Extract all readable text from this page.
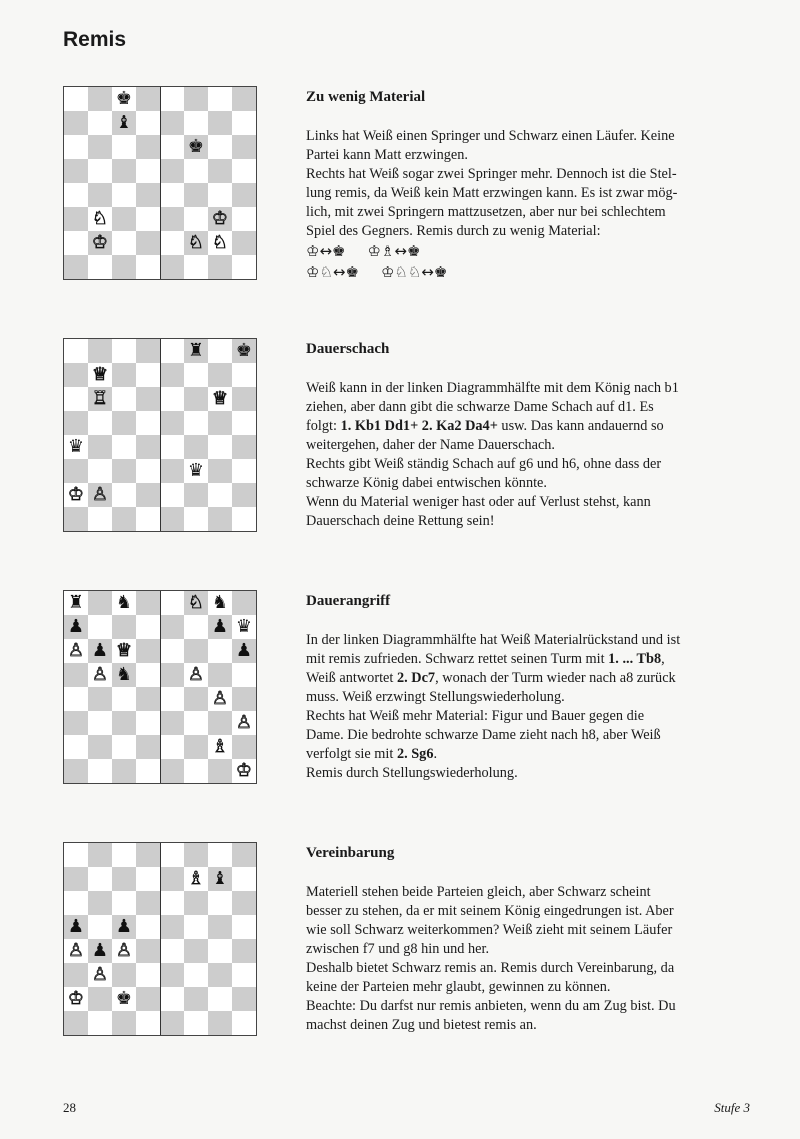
Remis
♚
♝
♚
♘	♔
♔	♘ ♘
♜ ♚
♕
♖	♕
♛
♛
♔ ♙
♜ ♞	♘ ♞
♟	♟ ♛
♙ ♟ ♕	♟
♙ ♞	♙
♙
♙
♗
♔
♗ ♝
♟ ♟
♙ ♟ ♙
♙
♔ ♚

Zu wenig Material

Links hat Weiß einen Springer und Schwarz einen Läufer. Keine
Partei kann Matt erzwingen.
Rechts hat Weiß sogar zwei Springer mehr. Dennoch ist die Stel-
lung remis, da Weiß kein Matt erzwingen kann. Es ist zwar mög-
lich, mit zwei Springern mattzusetzen, aber nur bei schlechtem
Spiel des Gegners. Remis durch zu wenig Material:

♔↔♚ ♔♗↔♚
♔♘↔♚ ♔♘♘↔♚

Dauerschach

Weiß kann in der linken Diagrammhälfte mit dem König nach b1
ziehen, aber dann gibt die schwarze Dame Schach auf d1. Es
folgt: 1. Kb1 Dd1+ 2. Ka2 Da4+ usw. Das kann andauernd so
weitergehen, daher der Name Dauerschach.
Rechts gibt Weiß ständig Schach auf g6 und h6, ohne dass der
schwarze König dabei entwischen könnte.
Wenn du Material weniger hast oder auf Verlust stehst, kann
Dauerschach deine Rettung sein!

Dauerangriff

In der linken Diagrammhälfte hat Weiß Materialrückstand und ist
mit remis zufrieden. Schwarz rettet seinen Turm mit 1. ... Tb8,
Weiß antwortet 2. Dc7, wonach der Turm wieder nach a8 zurück
muss. Weiß erzwingt Stellungswiederholung.
Rechts hat Weiß mehr Material: Figur und Bauer gegen die
Dame. Die bedrohte schwarze Dame zieht nach h8, aber Weiß
verfolgt sie mit 2. Sg6.
Remis durch Stellungswiederholung.

Vereinbarung

Materiell stehen beide Parteien gleich, aber Schwarz scheint
besser zu stehen, da er mit seinem König eingedrungen ist. Aber
wie soll Schwarz weiterkommen? Weiß zieht mit seinem Läufer
zwischen f7 und g8 hin und her.
Deshalb bietet Schwarz remis an. Remis durch Vereinbarung, da
keine der Parteien mehr glaubt, gewinnen zu können.
Beachte: Du darfst nur remis anbieten, wenn du am Zug bist. Du
machst deinen Zug und bietest remis an.

28	Stufe 3
